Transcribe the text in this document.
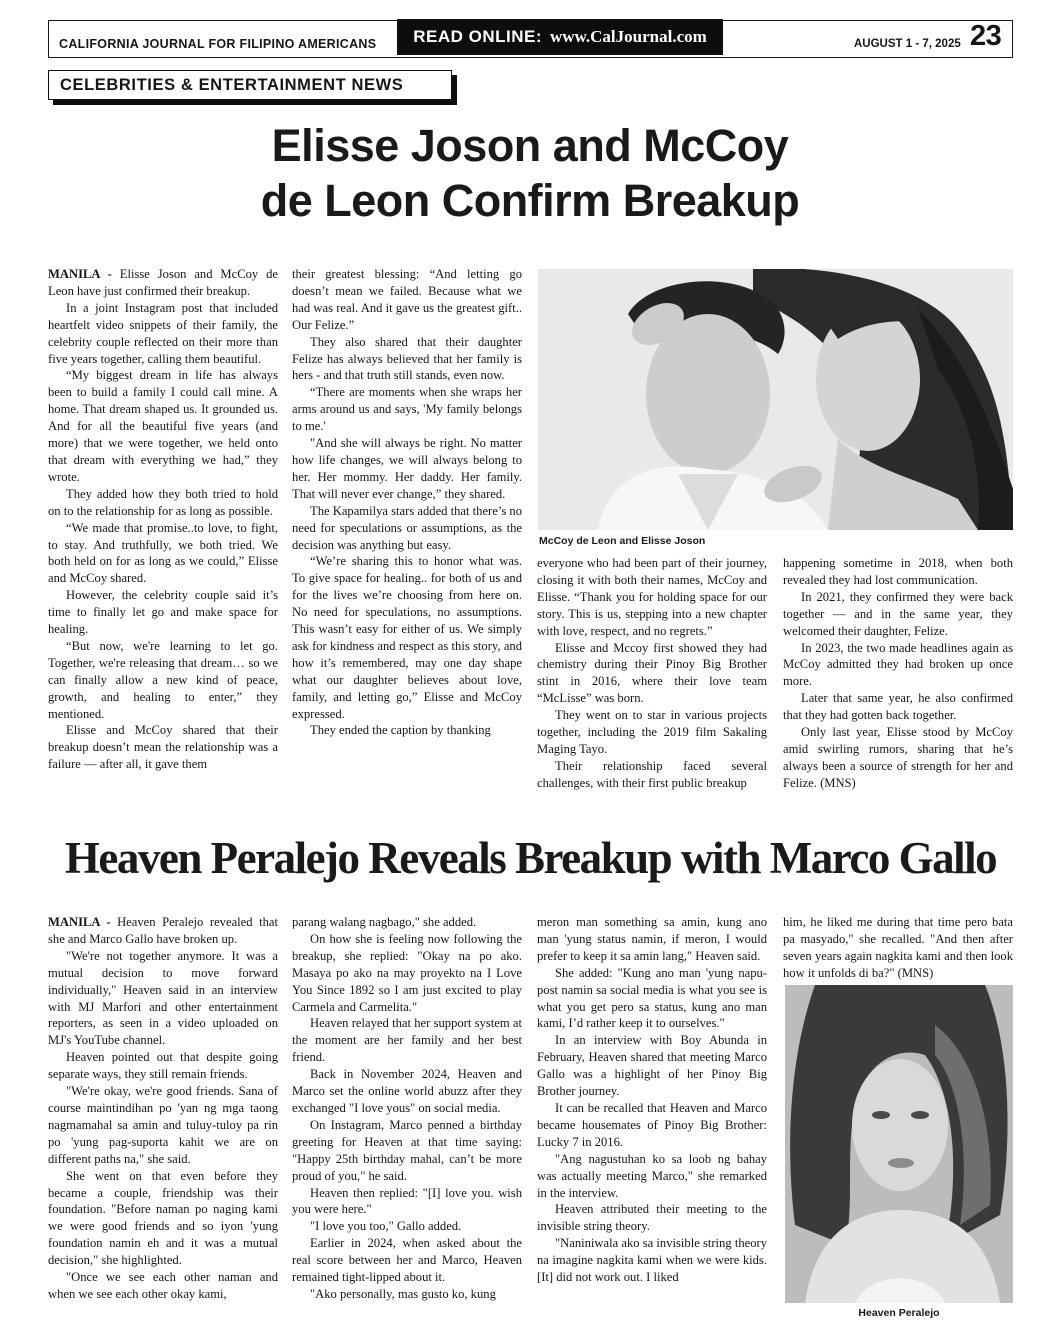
CALIFORNIA JOURNAL FOR FILIPINO AMERICANS READ ONLINE: www.CalJournal.com	AUGUST 1 - 7, 2025 23
CELEBRITIES & ENTERTAINMENT NEWS
Elisse Joson and McCoy
de Leon Confirm Breakup

MANILA - Elisse Joson and McCoy de Leon have just confirmed their breakup.

In a joint Instagram post that included heartfelt video snippets of their family, the celebrity couple reflected on their more than five years together, calling them beautiful.

“My biggest dream in life has always been to build a family I could call mine. A home. That dream shaped us. It grounded us. And for all the beautiful five years (and more) that we were together, we held onto that dream with everything we had,” they wrote.

They added how they both tried to hold on to the relationship for as long as possible.

“We made that promise..to love, to fight, to stay. And truthfully, we both tried. We both held on for as long as we could,” Elisse and McCoy shared.

However, the celebrity couple said it’s time to finally let go and make space for healing.

“But now, we're learning to let go. Together, we're releasing that dream… so we can finally allow a new kind of peace, growth, and healing to enter,” they mentioned.

Elisse and McCoy shared that their breakup doesn’t mean the relationship was a failure — after all, it gave them

their greatest blessing: “And letting go doesn’t mean we failed. Because what we had was real. And it gave us the greatest gift.. Our Felize.”

They also shared that their daughter Felize has always believed that her family is hers - and that truth still stands, even now.

“There are moments when she wraps her arms around us and says, 'My family belongs to me.'

"And she will always be right. No matter how life changes, we will always belong to her. Her mommy. Her daddy. Her family. That will never ever change,” they shared.

The Kapamilya stars added that there’s no need for speculations or assumptions, as the decision was anything but easy.

“We’re sharing this to honor what was. To give space for healing.. for both of us and for the lives we’re choosing from here on. No need for speculations, no assumptions. This wasn’t easy for either of us. We simply ask for kindness and respect as this story, and how it’s remembered, may one day shape what our daughter believes about love, family, and letting go,” Elisse and McCoy expressed.

They ended the caption by thanking

McCoy de Leon and Elisse Joson

everyone who had been part of their journey, closing it with both their names, McCoy and Elisse. “Thank you for holding space for our story. This is us, stepping into a new chapter with love, respect, and no regrets.”

Elisse and Mccoy first showed they had chemistry during their Pinoy Big Brother stint in 2016, where their love team “McLisse” was born.

They went on to star in various projects together, including the 2019 film Sakaling Maging Tayo.

Their relationship faced several challenges, with their first public breakup

happening sometime in 2018, when both revealed they had lost communication.

In 2021, they confirmed they were back together — and in the same year, they welcomed their daughter, Felize.

In 2023, the two made headlines again as McCoy admitted they had broken up once more.

Later that same year, he also confirmed that they had gotten back together.

Only last year, Elisse stood by McCoy amid swirling rumors, sharing that he’s always been a source of strength for her and Felize. (MNS)

Heaven Peralejo Reveals Breakup with Marco Gallo

MANILA - Heaven Peralejo revealed that she and Marco Gallo have broken up.

"We're not together anymore. It was a mutual decision to move forward individually," Heaven said in an interview with MJ Marfori and other entertainment reporters, as seen in a video uploaded on MJ's YouTube channel.

Heaven pointed out that despite going separate ways, they still remain friends.

"We're okay, we're good friends. Sana of course maintindihan po 'yan ng mga taong nagmamahal sa amin and tuluy-tuloy pa rin po 'yung pag-suporta kahit we are on different paths na," she said.

She went on that even before they became a couple, friendship was their foundation. "Before naman po naging kami we were good friends and so iyon 'yung foundation namin eh and it was a mutual decision," she highlighted.

"Once we see each other naman and when we see each other okay kami,

parang walang nagbago," she added.

On how she is feeling now following the breakup, she replied: "Okay na po ako. Masaya po ako na may proyekto na I Love You Since 1892 so I am just excited to play Carmela and Carmelita."

Heaven relayed that her support system at the moment are her family and her best friend.

Back in November 2024, Heaven and Marco set the online world abuzz after they exchanged "I love yous" on social media.

On Instagram, Marco penned a birthday greeting for Heaven at that time saying: "Happy 25th birthday mahal, can’t be more proud of you," he said.

Heaven then replied: "[I] love you. wish you were here."

"I love you too," Gallo added.

Earlier in 2024, when asked about the real score between her and Marco, Heaven remained tight-lipped about it.

"Ako personally, mas gusto ko, kung

meron man something sa amin, kung ano man 'yung status namin, if meron, I would prefer to keep it sa amin lang," Heaven said.

She added: "Kung ano man 'yung napu-post namin sa social media is what you see is what you get pero sa status, kung ano man kami, I’d rather keep it to ourselves."

In an interview with Boy Abunda in February, Heaven shared that meeting Marco Gallo was a highlight of her Pinoy Big Brother journey.

It can be recalled that Heaven and Marco became housemates of Pinoy Big Brother: Lucky 7 in 2016.

"Ang nagustuhan ko sa loob ng bahay was actually meeting Marco," she remarked in the interview.

Heaven attributed their meeting to the invisible string theory.

"Naniniwala ako sa invisible string theory na imagine nagkita kami when we were kids. [It] did not work out. I liked

him, he liked me during that time pero bata pa masyado," she recalled. "And then after seven years again nagkita kami and then look how it unfolds di ba?" (MNS)

Heaven Peralejo
